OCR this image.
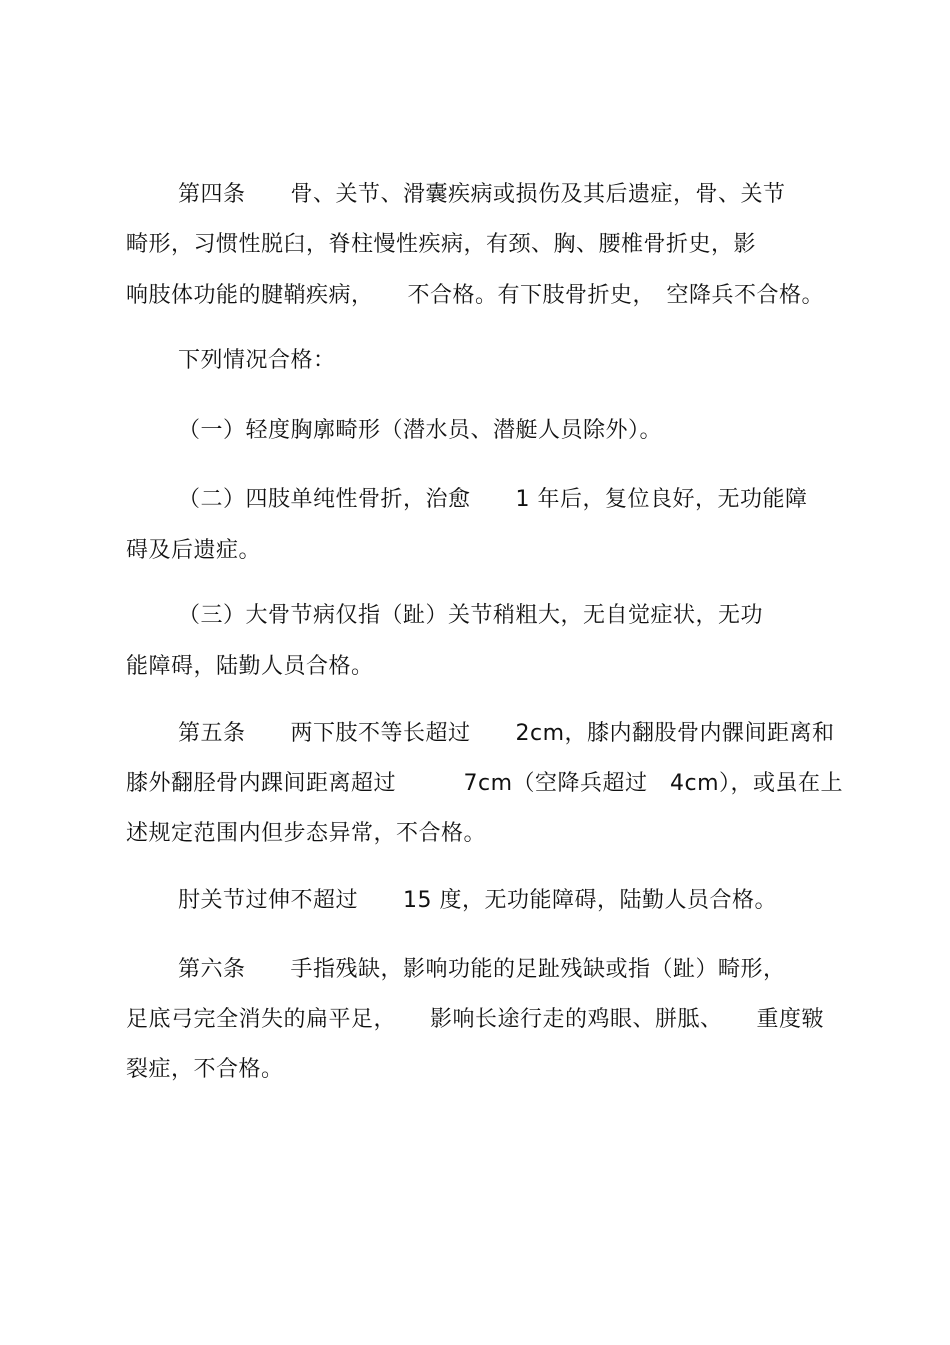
第四条　　骨、关节、滑囊疾病或损伤及其后遗症，骨、关节
畸形，习惯性脱臼，脊柱慢性疾病，有颈、胸、腰椎骨折史，影
响肢体功能的腱鞘疾病，　　不合格。有下肢骨折史，　空降兵不合格。
下列情况合格：
（一）轻度胸廓畸形（潜水员、潜艇人员除外）。
（二）四肢单纯性骨折，治愈　　1 年后，复位良好，无功能障
碍及后遗症。
（三）大骨节病仅指（趾）关节稍粗大，无自觉症状，无功
能障碍，陆勤人员合格。
第五条　　两下肢不等长超过　　2cm，膝内翻股骨内髁间距离和
膝外翻胫骨内踝间距离超过　　　7cm（空降兵超过　4cm），或虽在上
述规定范围内但步态异常，不合格。
肘关节过伸不超过　　15 度，无功能障碍，陆勤人员合格。
第六条　　手指残缺，影响功能的足趾残缺或指（趾）畸形，
足底弓完全消失的扁平足，　　影响长途行走的鸡眼、胼胝、　　重度皲
裂症，不合格。
